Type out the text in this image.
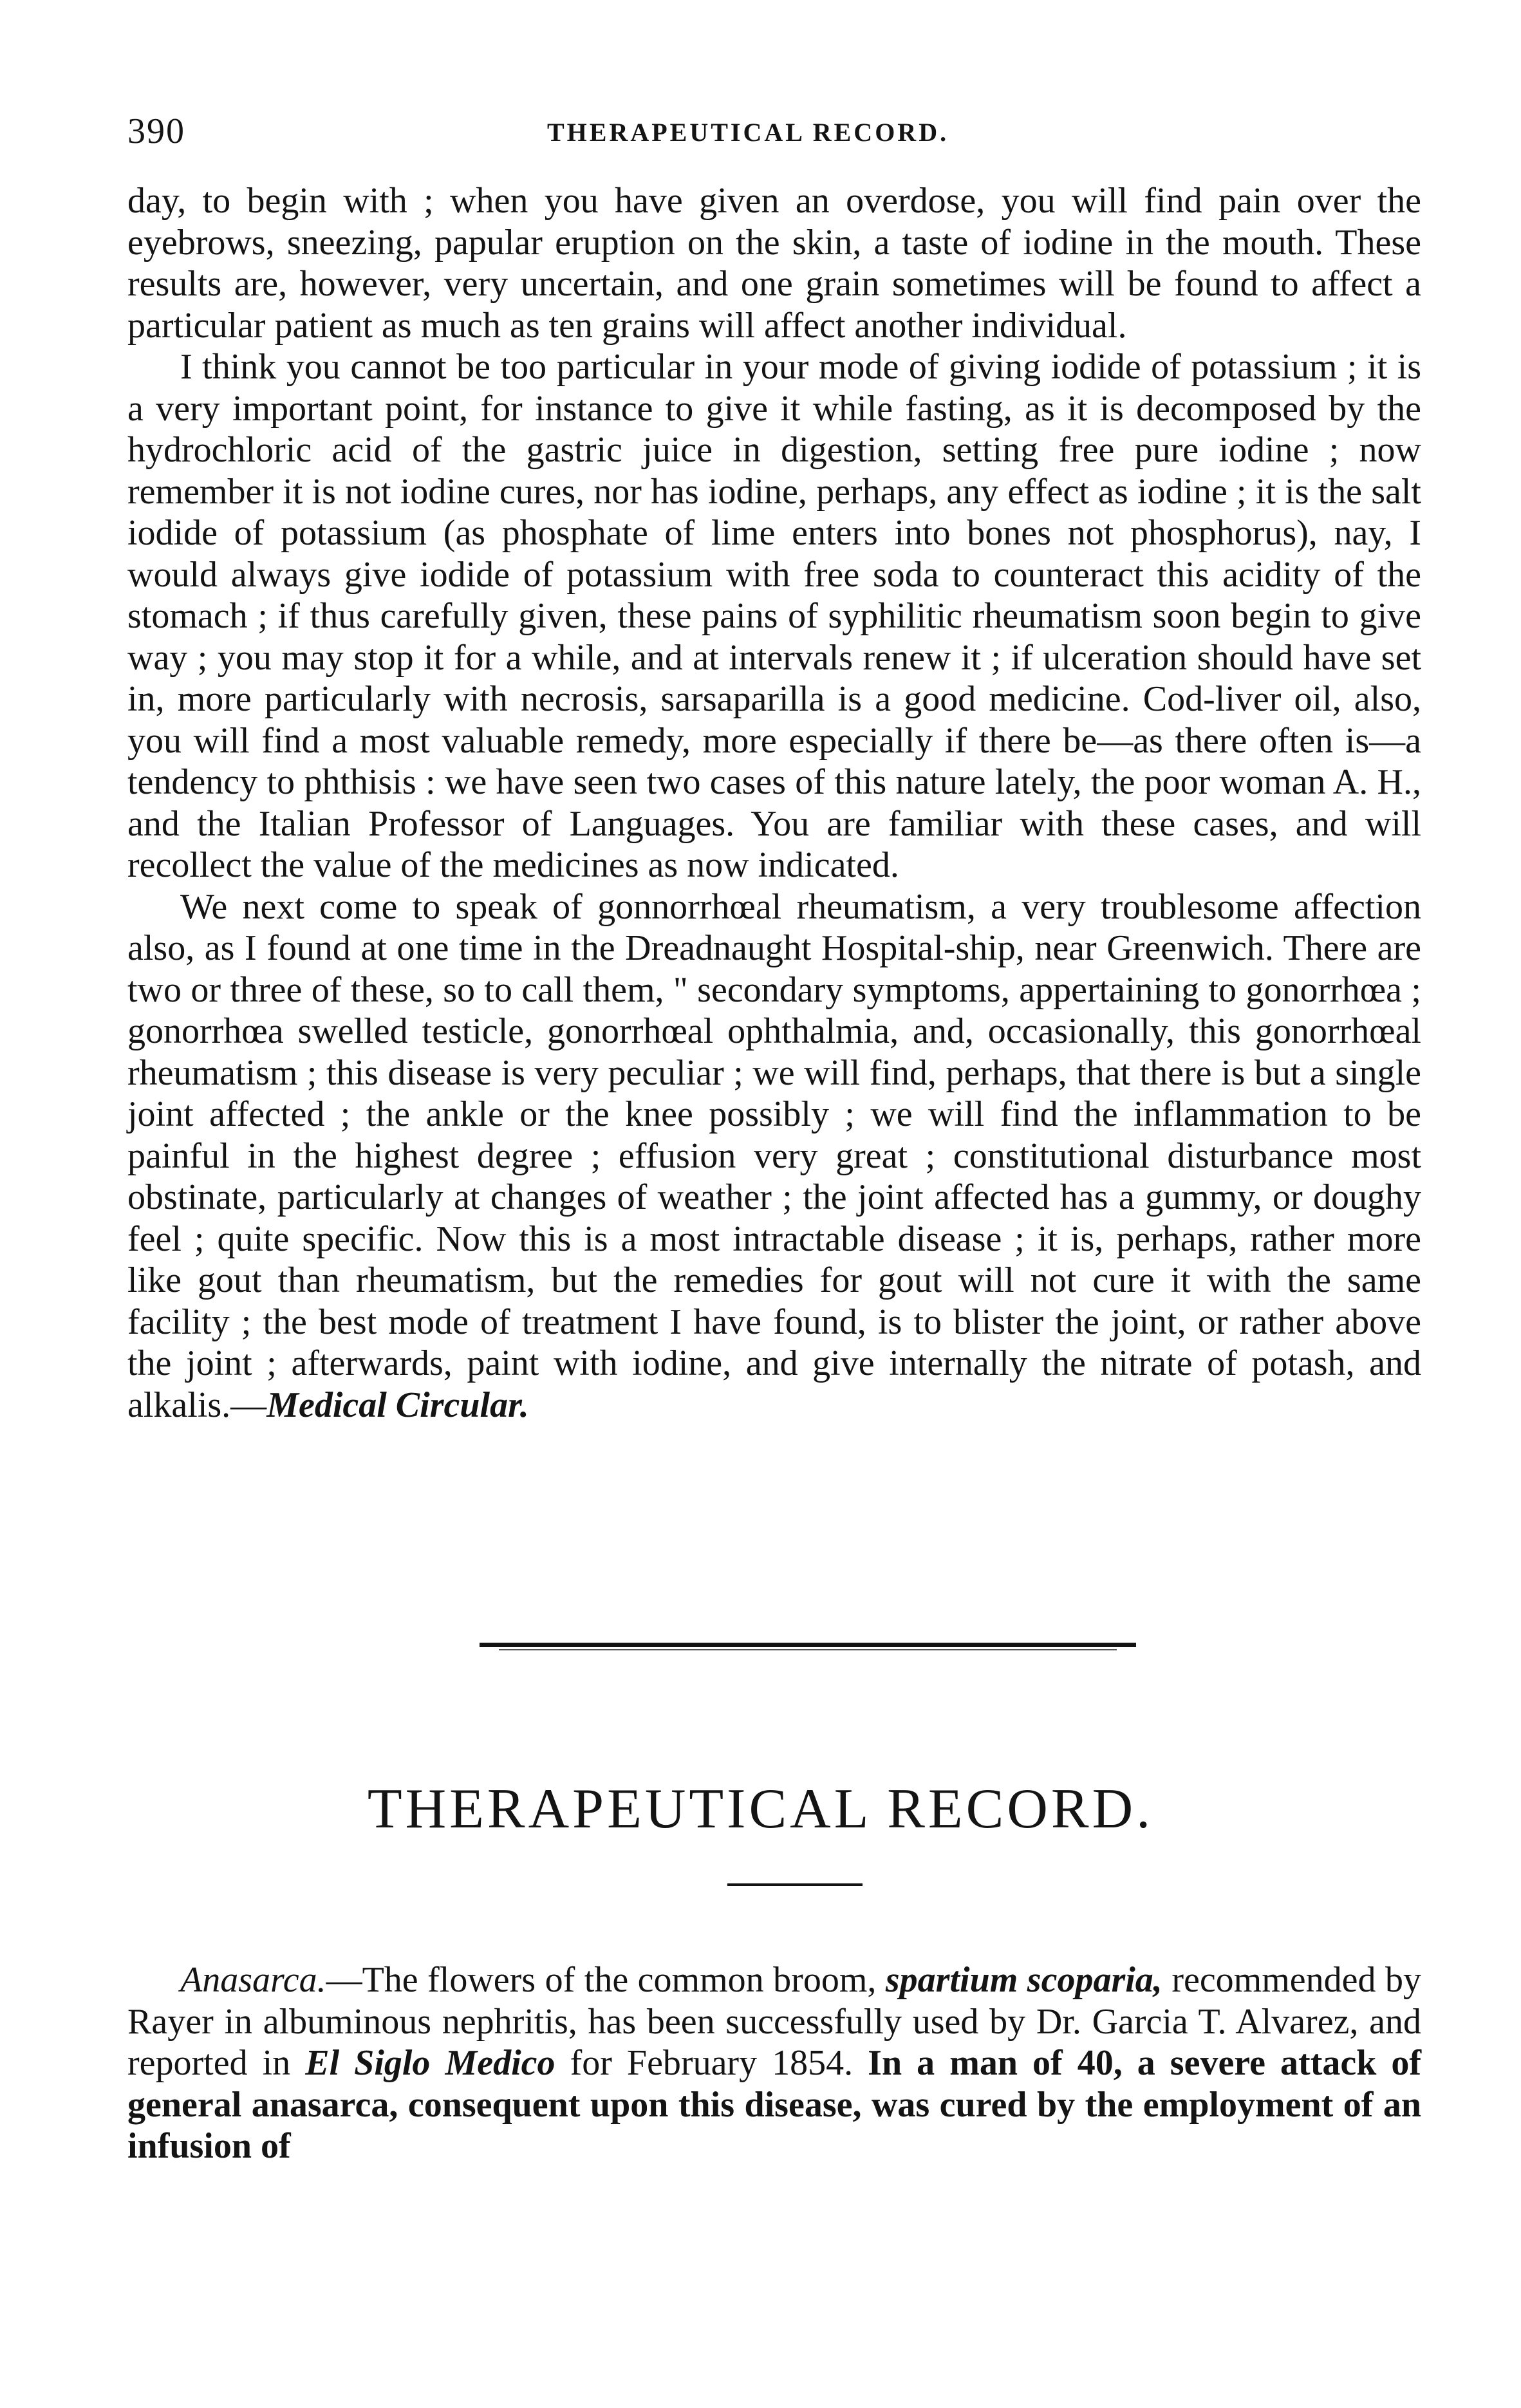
390	THERAPEUTICAL RECORD.

day, to begin with ; when you have given an overdose, you will find pain over the eyebrows, sneezing, papular eruption on the skin, a taste of iodine in the mouth. These results are, however, very uncertain, and one grain sometimes will be found to affect a particular patient as much as ten grains will affect another individual.

I think you cannot be too particular in your mode of giving iodide of potassium ; it is a very important point, for instance to give it while fasting, as it is decomposed by the hydrochloric acid of the gastric juice in digestion, setting free pure iodine ; now remember it is not iodine cures, nor has iodine, perhaps, any effect as iodine ; it is the salt iodide of potassium (as phosphate of lime enters into bones not phosphorus), nay, I would always give iodide of potassium with free soda to counteract this acidity of the stomach ; if thus carefully given, these pains of syphilitic rheumatism soon begin to give way ; you may stop it for a while, and at intervals renew it ; if ulceration should have set in, more particularly with necrosis, sarsaparilla is a good medicine. Cod-liver oil, also, you will find a most valuable remedy, more especially if there be—as there often is—a tendency to phthisis : we have seen two cases of this nature lately, the poor woman A. H., and the Italian Professor of Languages. You are familiar with these cases, and will recollect the value of the medicines as now indicated.

We next come to speak of gonnorrhœal rheumatism, a very troublesome affection also, as I found at one time in the Dreadnaught Hospital-ship, near Greenwich. There are two or three of these, so to call them, " secondary symptoms, appertaining to gonorrhœa ; gonorrhœa swelled testicle, gonorrhœal ophthalmia, and, occasionally, this gonorrhœal rheumatism ; this disease is very peculiar ; we will find, perhaps, that there is but a single joint affected ; the ankle or the knee possibly ; we will find the inflammation to be painful in the highest degree ; effusion very great ; constitutional disturbance most obstinate, particularly at changes of weather ; the joint affected has a gummy, or doughy feel ; quite specific. Now this is a most intractable disease ; it is, perhaps, rather more like gout than rheumatism, but the remedies for gout will not cure it with the same facility ; the best mode of treatment I have found, is to blister the joint, or rather above the joint ; afterwards, paint with iodine, and give internally the nitrate of potash, and alkalis.—Medical Circular.

THERAPEUTICAL RECORD.

Anasarca.—The flowers of the common broom, spartium scoparia, recommended by Rayer in albuminous nephritis, has been successfully used by Dr. Garcia T. Alvarez, and reported in El Siglo Medico for February 1854. In a man of 40, a severe attack of general anasarca, consequent upon this disease, was cured by the employment of an infusion of
